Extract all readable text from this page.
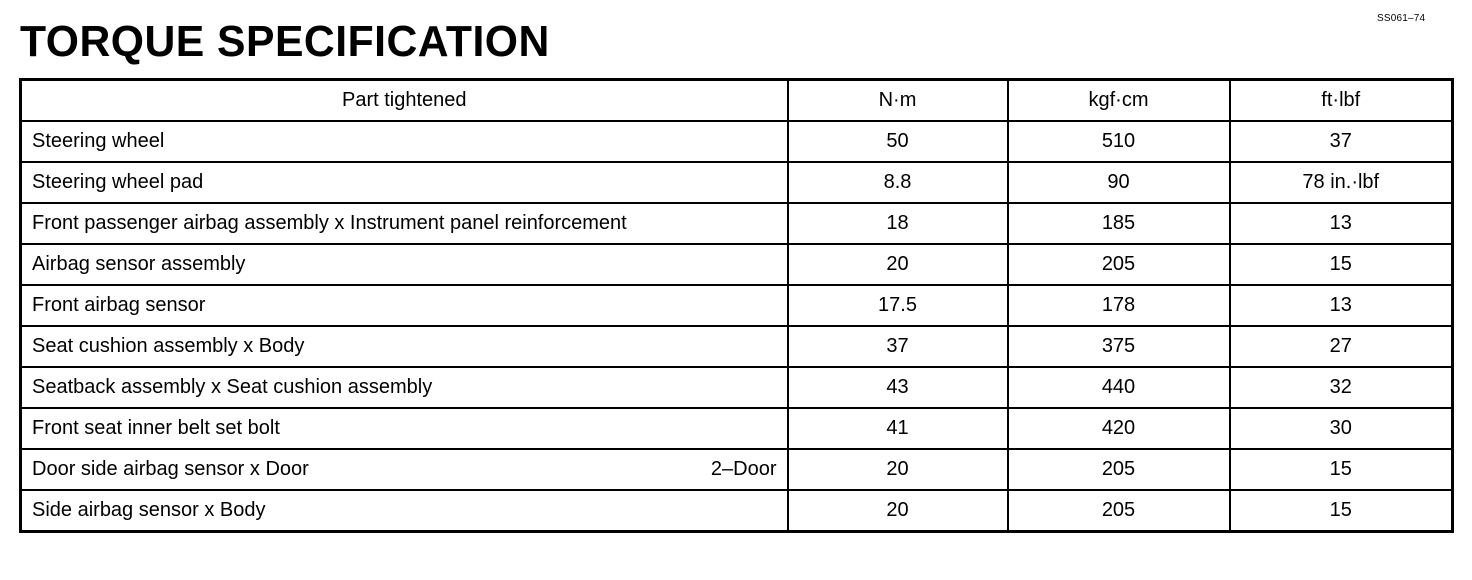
SS061–74
TORQUE SPECIFICATION
Part tightened	N·m	kgf·cm	ft·lbf
Steering wheel	50	510	37
Steering wheel pad	8.8	90	78 in.·lbf
Front passenger airbag assembly x Instrument panel reinforcement	18	185	13
Airbag sensor assembly	20	205	15
Front airbag sensor	17.5	178	13
Seat cushion assembly x Body	37	375	27
Seatback assembly x Seat cushion assembly	43	440	32
Front seat inner belt set bolt	41	420	30

Door side airbag sensor x Door 2–Door	20	205	15
Side airbag sensor x Body	20	205	15
